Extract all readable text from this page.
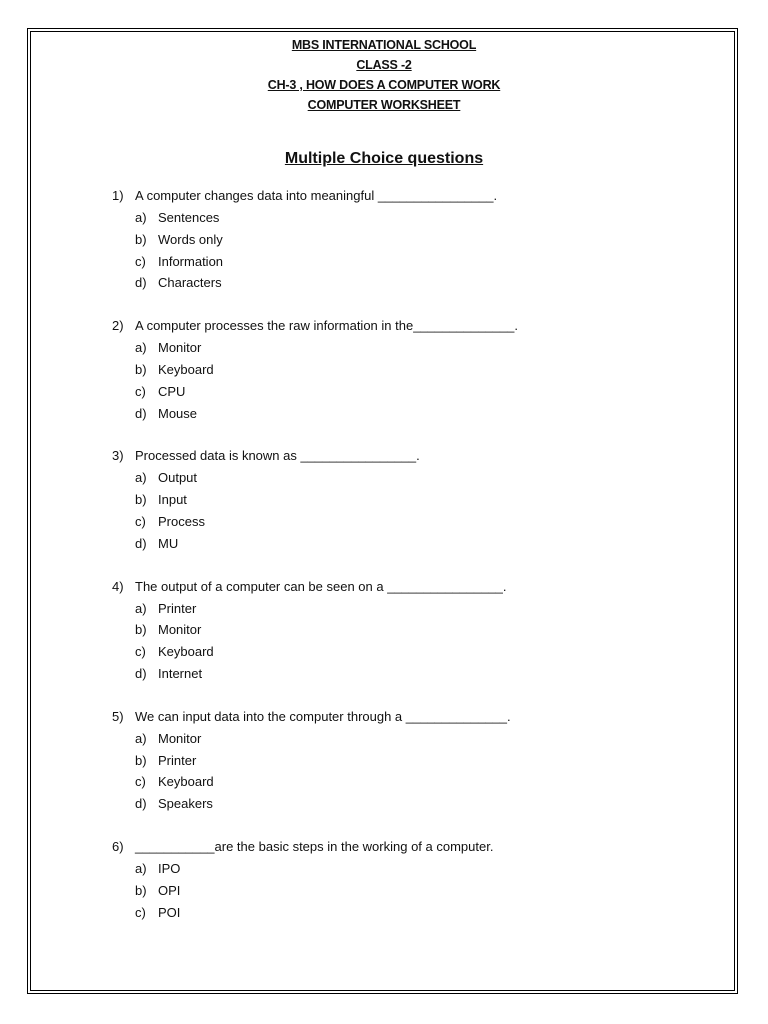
MBS INTERNATIONAL SCHOOL
CLASS -2
CH-3 , HOW DOES A COMPUTER WORK
COMPUTER WORKSHEET
Multiple Choice questions
1) A computer changes data into meaningful ________________.
a) Sentences
b) Words only
c) Information
d) Characters
2) A computer processes the raw information in the______________.
a) Monitor
b) Keyboard
c) CPU
d) Mouse
3) Processed data is known as ________________.
a) Output
b) Input
c) Process
d) MU
4) The output of a computer can be seen on a ________________.
a) Printer
b) Monitor
c) Keyboard
d) Internet
5) We can input data into the computer through a ______________.
a) Monitor
b) Printer
c) Keyboard
d) Speakers
6) ___________are the basic steps in the working of a computer.
a) IPO
b) OPI
c) POI
